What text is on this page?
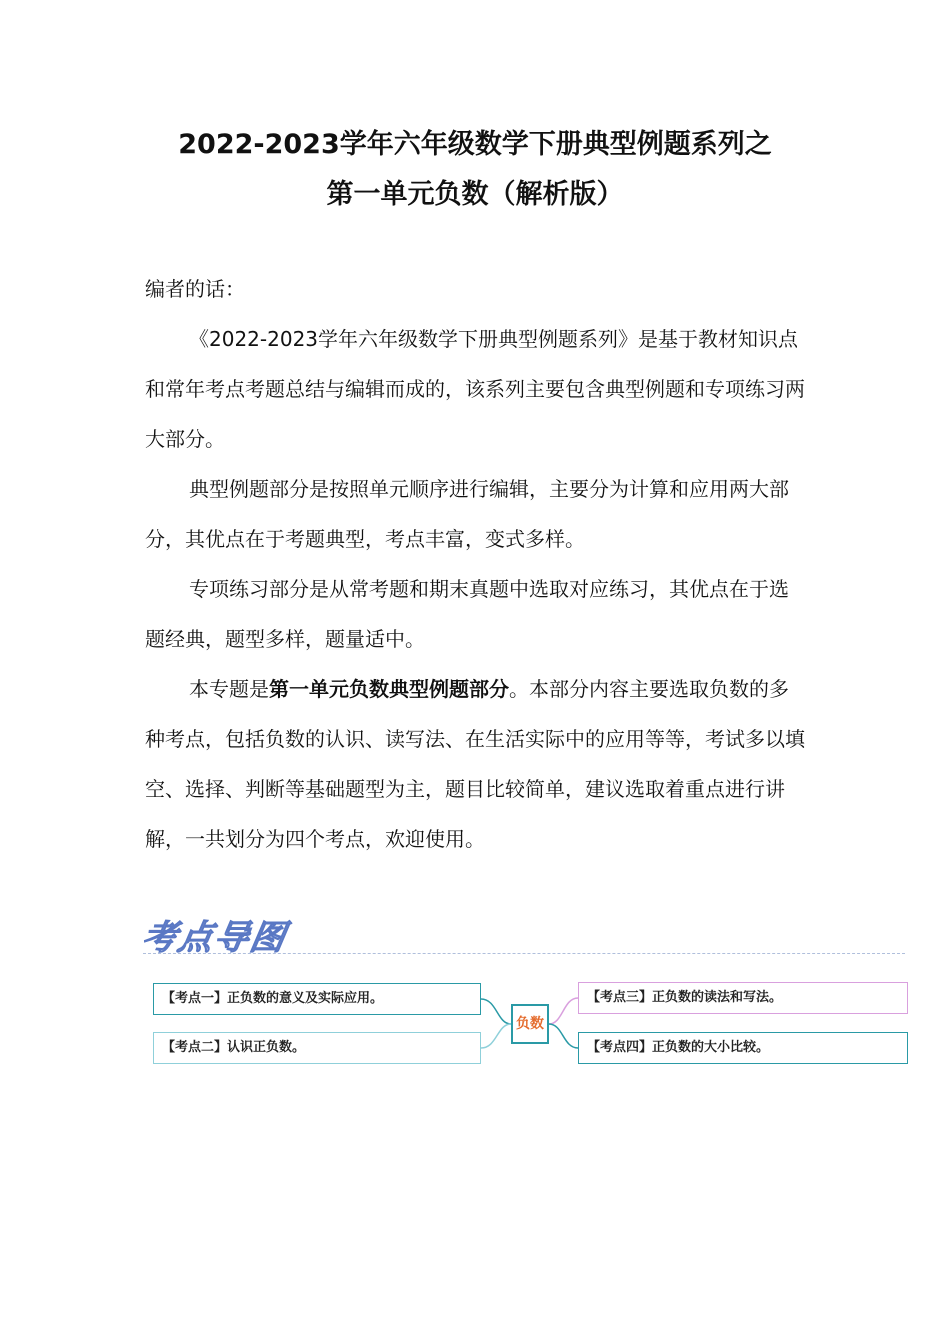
2022-2023学年六年级数学下册典型例题系列之
第一单元负数（解析版）

编者的话：

《2022-2023学年六年级数学下册典型例题系列》是基于教材知识点和常年考点考题总结与编辑而成的，该系列主要包含典型例题和专项练习两大部分。

典型例题部分是按照单元顺序进行编辑，主要分为计算和应用两大部分，其优点在于考题典型，考点丰富，变式多样。

专项练习部分是从常考题和期末真题中选取对应练习，其优点在于选题经典，题型多样，题量适中。

本专题是第一单元负数典型例题部分。本部分内容主要选取负数的多种考点，包括负数的认识、读写法、在生活实际中的应用等等，考试多以填空、选择、判断等基础题型为主，题目比较简单，建议选取着重点进行讲解，一共划分为四个考点，欢迎使用。

考点导图
【考点一】正负数的意义及实际应用。
【考点二】认识正负数。
【考点三】正负数的读法和写法。
【考点四】正负数的大小比较。
负数
